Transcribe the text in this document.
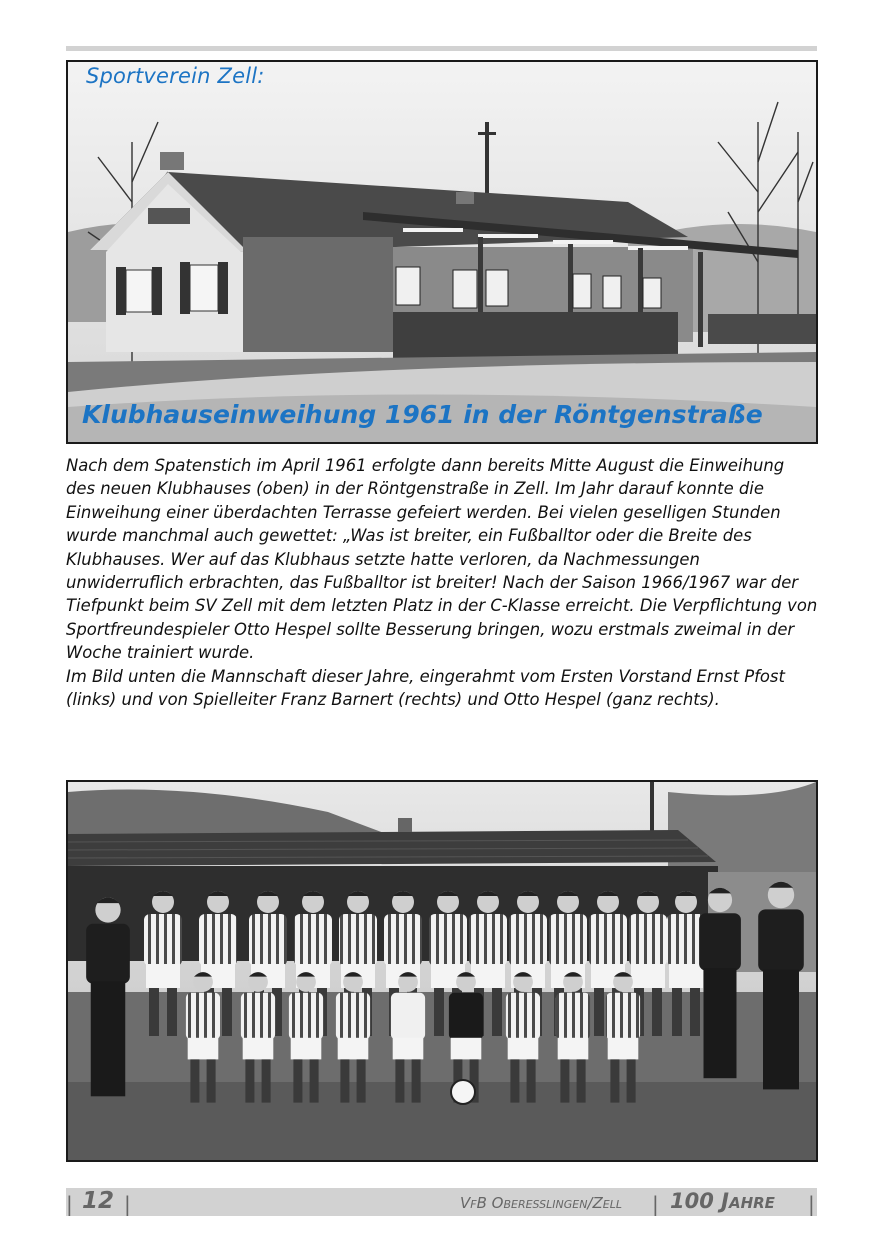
Sportverein Zell:
Klubhauseinweihung 1961 in der Röntgenstraße

Nach dem Spatenstich im April 1961 erfolgte dann bereits Mitte August die Einweihung des neuen Klubhauses (oben) in der Röntgenstraße in Zell. Im Jahr darauf konnte die Einweihung einer überdachten Terrasse gefeiert werden. Bei vielen geselligen Stunden wurde manchmal auch gewettet: „Was ist breiter, ein Fußballtor oder die Breite des Klubhauses. Wer auf das Klubhaus setzte hatte verloren, da Nachmessungen unwiderruflich erbrachten, das Fußballtor ist breiter! Nach der Saison 1966/1967 war der Tiefpunkt beim SV Zell mit dem letzten Platz in der C-Klasse erreicht. Die Verpflichtung von Sportfreundespieler Otto Hespel sollte Besserung bringen, wozu erstmals zweimal in der Woche trainiert wurde.

Im Bild unten die Mannschaft dieser Jahre, eingerahmt vom Ersten Vorstand Ernst Pfost (links) und von Spielleiter Franz Barnert (rechts) und Otto Hespel (ganz rechts).

| 12 |	VfB Oberesslingen/Zell | 100 Jahre |
